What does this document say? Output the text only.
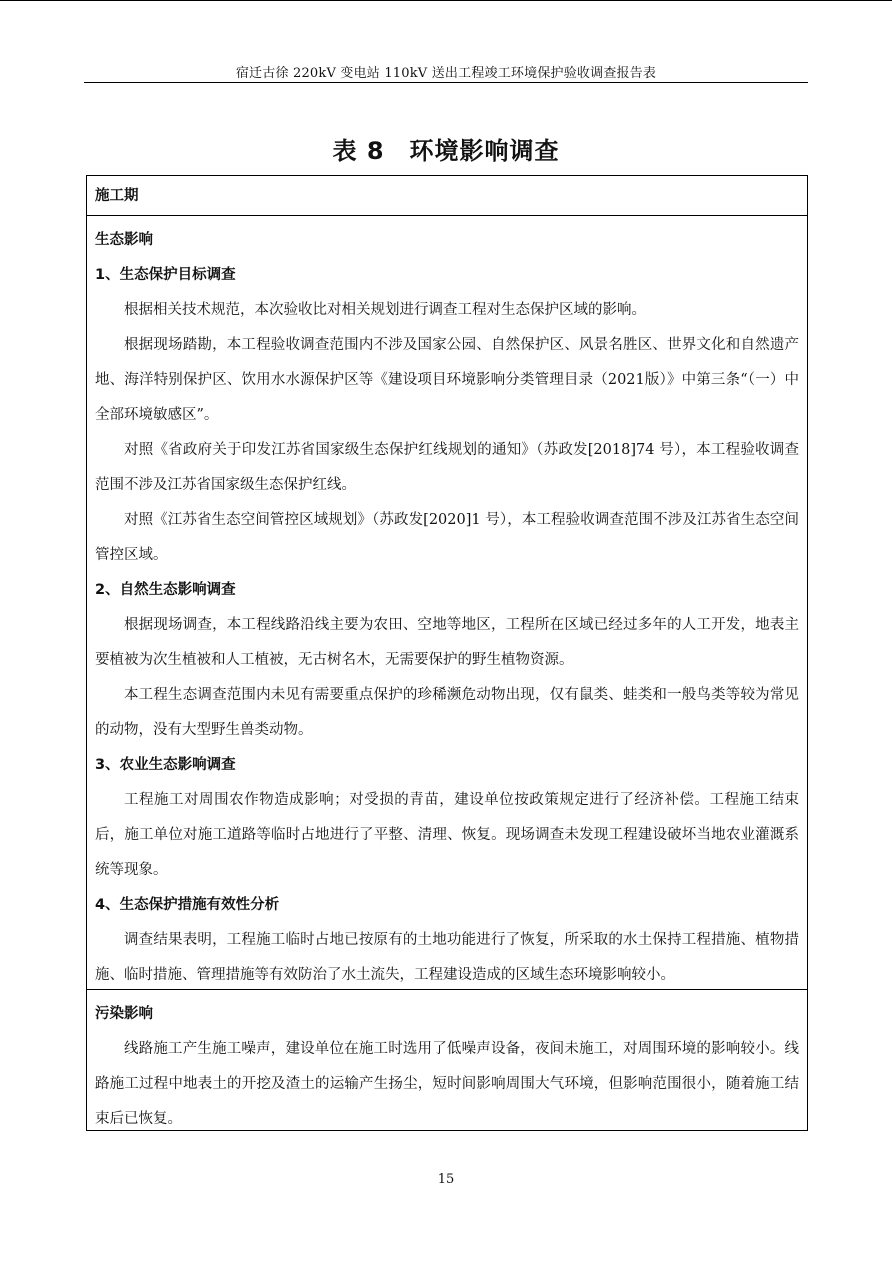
宿迁古徐 220kV 变电站 110kV 送出工程竣工环境保护验收调查报告表
表 8　环境影响调查
施工期
生态影响
1、生态保护目标调查

根据相关技术规范，本次验收比对相关规划进行调查工程对生态保护区域的影响。

根据现场踏勘，本工程验收调查范围内不涉及国家公园、自然保护区、风景名胜区、世界文化和自然遗产地、海洋特别保护区、饮用水水源保护区等《建设项目环境影响分类管理目录（2021版）》中第三条“（一）中全部环境敏感区”。

对照《省政府关于印发江苏省国家级生态保护红线规划的通知》（苏政发[2018]74 号），本工程验收调查范围不涉及江苏省国家级生态保护红线。

对照《江苏省生态空间管控区域规划》（苏政发[2020]1 号），本工程验收调查范围不涉及江苏省生态空间管控区域。

2、自然生态影响调查

根据现场调查，本工程线路沿线主要为农田、空地等地区，工程所在区域已经过多年的人工开发，地表主要植被为次生植被和人工植被，无古树名木，无需要保护的野生植物资源。

本工程生态调查范围内未见有需要重点保护的珍稀濒危动物出现，仅有鼠类、蛙类和一般鸟类等较为常见的动物，没有大型野生兽类动物。

3、农业生态影响调查

工程施工对周围农作物造成影响；对受损的青苗，建设单位按政策规定进行了经济补偿。工程施工结束后，施工单位对施工道路等临时占地进行了平整、清理、恢复。现场调查未发现工程建设破坏当地农业灌溉系统等现象。

4、生态保护措施有效性分析

调查结果表明，工程施工临时占地已按原有的土地功能进行了恢复，所采取的水土保持工程措施、植物措施、临时措施、管理措施等有效防治了水土流失，工程建设造成的区域生态环境影响较小。

污染影响

线路施工产生施工噪声，建设单位在施工时选用了低噪声设备，夜间未施工，对周围环境的影响较小。线路施工过程中地表土的开挖及渣土的运输产生扬尘，短时间影响周围大气环境，但影响范围很小，随着施工结束后已恢复。

15
